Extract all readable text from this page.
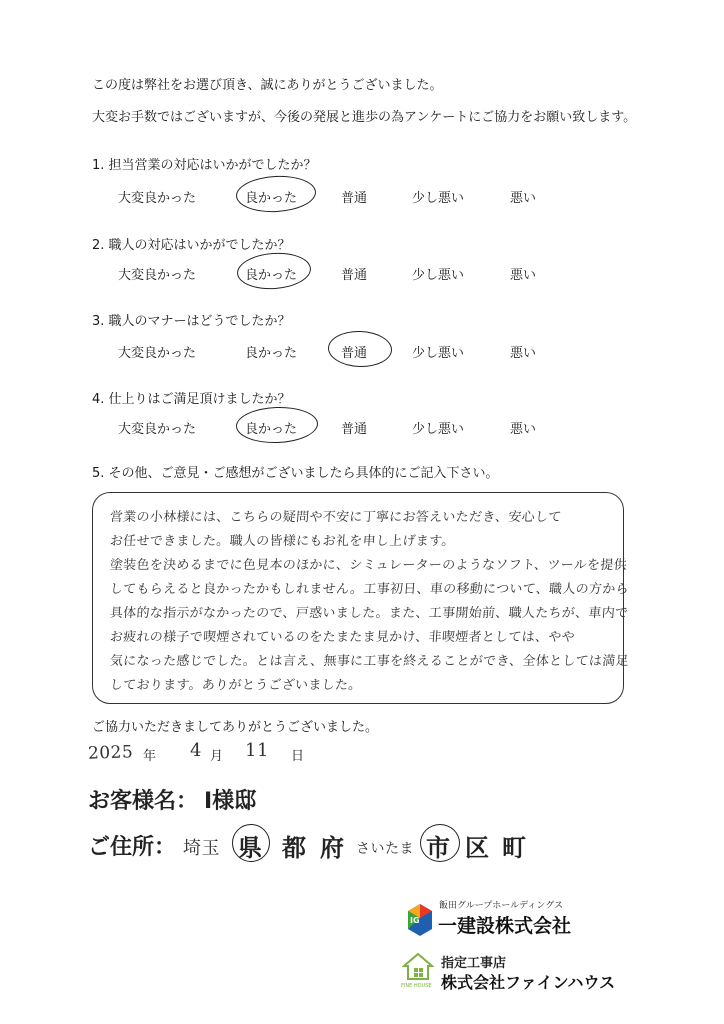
この度は弊社をお選び頂き、誠にありがとうございました。
大変お手数ではございますが、今後の発展と進歩の為アンケートにご協力をお願い致します。
1. 担当営業の対応はいかがでしたか？
大変良かった	良かった	普通	少し悪い	悪い
2. 職人の対応はいかがでしたか？
大変良かった	良かった	普通	少し悪い	悪い
3. 職人のマナーはどうでしたか？
大変良かった	良かった	普通	少し悪い	悪い
4. 仕上りはご満足頂けましたか？
大変良かった	良かった	普通	少し悪い	悪い
5. その他、ご意見・ご感想がございましたら具体的にご記入下さい。
営業の小林様には、こちらの疑問や不安に丁寧にお答えいただき、安心して
お任せできました。職人の皆様にもお礼を申し上げます。
塗装色を決めるまでに色見本のほかに、シミュレーターのようなソフト、ツールを提供
してもらえると良かったかもしれません。工事初日、車の移動について、職人の方から
具体的な指示がなかったので、戸惑いました。また、工事開始前、職人たちが、車内で
お疲れの様子で喫煙されているのをたまたま見かけ、非喫煙者としては、やや
気になった感じでした。とは言え、無事に工事を終えることができ、全体としては満足
しております。ありがとうございました。
ご協力いただきましてありがとうございました。
2025 年 4 月 11 日
お客様名： I様邸
ご住所： 埼玉 県 都 府 さいたま 市 区 町
IG
飯田グループホールディングス
一建設株式会社
FINE HOUSE
指定工事店
株式会社ファインハウス
